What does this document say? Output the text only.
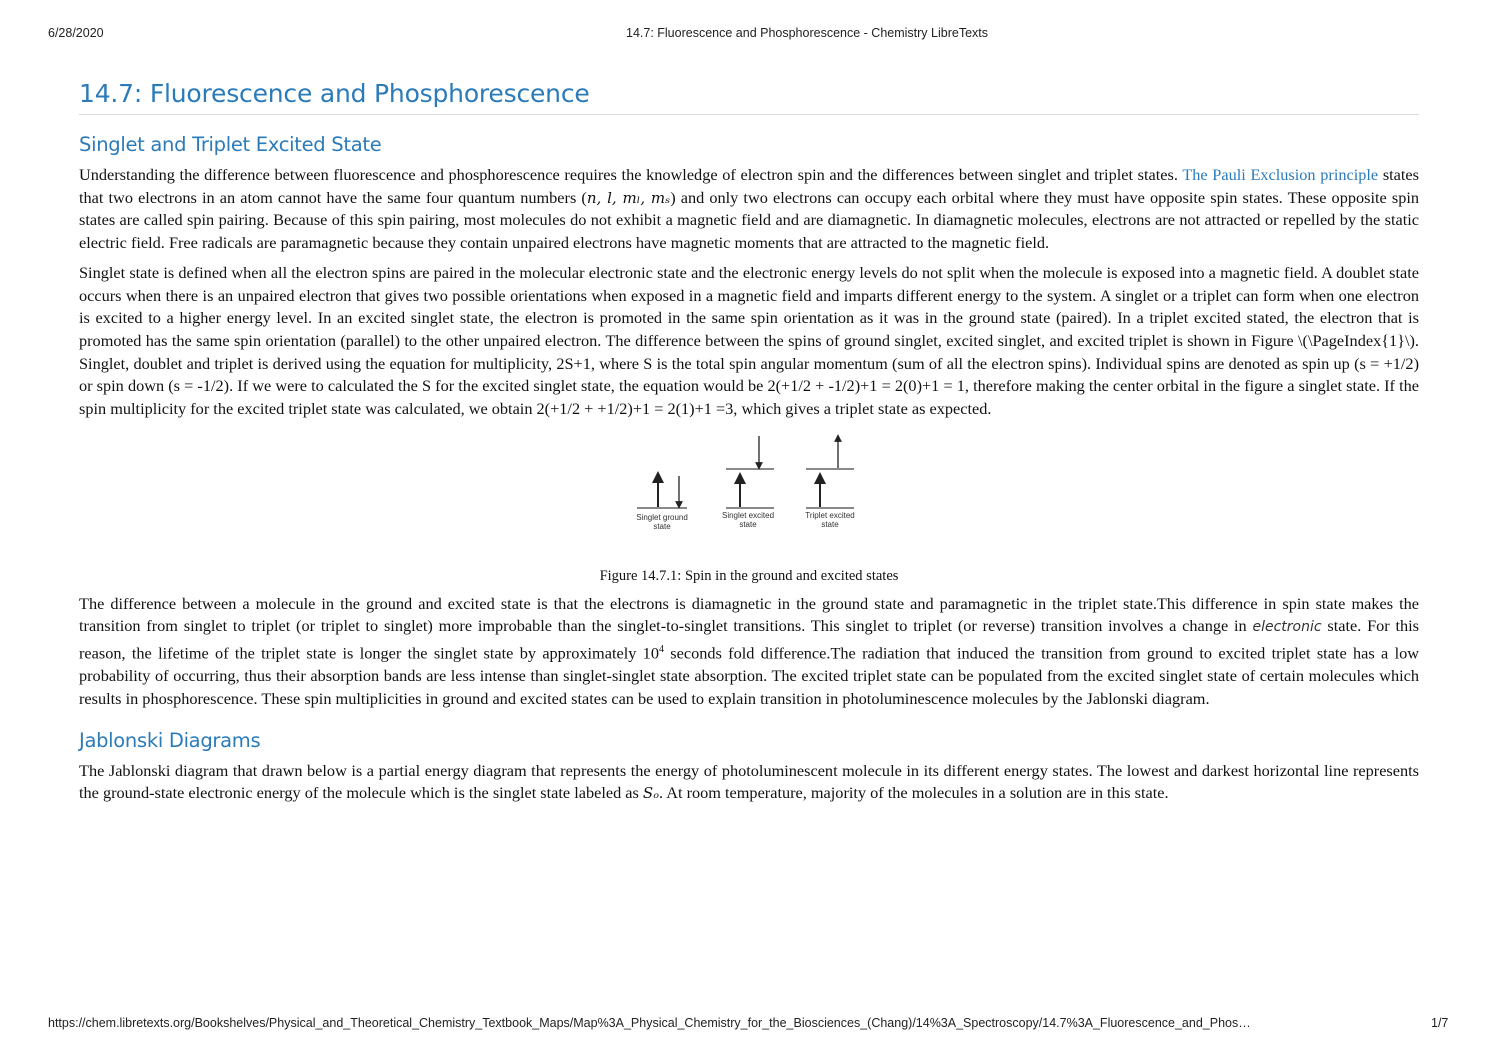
6/28/2020	14.7: Fluorescence and Phosphorescence - Chemistry LibreTexts
14.7: Fluorescence and Phosphorescence
Singlet and Triplet Excited State

Understanding the difference between fluorescence and phosphorescence requires the knowledge of electron spin and the differences between singlet and triplet states. The Pauli Exclusion principle states that two electrons in an atom cannot have the same four quantum numbers (n, l, mₗ, mₛ) and only two electrons can occupy each orbital where they must have opposite spin states. These opposite spin states are called spin pairing. Because of this spin pairing, most molecules do not exhibit a magnetic field and are diamagnetic. In diamagnetic molecules, electrons are not attracted or repelled by the static electric field. Free radicals are paramagnetic because they contain unpaired electrons have magnetic moments that are attracted to the magnetic field.

Singlet state is defined when all the electron spins are paired in the molecular electronic state and the electronic energy levels do not split when the molecule is exposed into a magnetic field. A doublet state occurs when there is an unpaired electron that gives two possible orientations when exposed in a magnetic field and imparts different energy to the system. A singlet or a triplet can form when one electron is excited to a higher energy level. In an excited singlet state, the electron is promoted in the same spin orientation as it was in the ground state (paired). In a triplet excited stated, the electron that is promoted has the same spin orientation (parallel) to the other unpaired electron. The difference between the spins of ground singlet, excited singlet, and excited triplet is shown in Figure \(\PageIndex{1}\). Singlet, doublet and triplet is derived using the equation for multiplicity, 2S+1, where S is the total spin angular momentum (sum of all the electron spins). Individual spins are denoted as spin up (s = +1/2) or spin down (s = -1/2). If we were to calculated the S for the excited singlet state, the equation would be 2(+1/2 + -1/2)+1 = 2(0)+1 = 1, therefore making the center orbital in the figure a singlet state. If the spin multiplicity for the excited triplet state was calculated, we obtain 2(+1/2 + +1/2)+1 = 2(1)+1 =3, which gives a triplet state as expected.

Singlet ground
state
Singlet excited
state
Triplet excited
state

Figure 14.7.1: Spin in the ground and excited states

The difference between a molecule in the ground and excited state is that the electrons is diamagnetic in the ground state and paramagnetic in the triplet state.This difference in spin state makes the transition from singlet to triplet (or triplet to singlet) more improbable than the singlet-to-singlet transitions. This singlet to triplet (or reverse) transition involves a change in electronic state. For this reason, the lifetime of the triplet state is longer the singlet state by approximately $10^4$ seconds fold difference.The radiation that induced the transition from ground to excited triplet state has a low probability of occurring, thus their absorption bands are less intense than singlet-singlet state absorption. The excited triplet state can be populated from the excited singlet state of certain molecules which results in phosphorescence. These spin multiplicities in ground and excited states can be used to explain transition in photoluminescence molecules by the Jablonski diagram.

Jablonski Diagrams

The Jablonski diagram that drawn below is a partial energy diagram that represents the energy of photoluminescent molecule in its different energy states. The lowest and darkest horizontal line represents the ground-state electronic energy of the molecule which is the singlet state labeled as Sₒ. At room temperature, majority of the molecules in a solution are in this state.

https://chem.libretexts.org/Bookshelves/Physical_and_Theoretical_Chemistry_Textbook_Maps/Map%3A_Physical_Chemistry_for_the_Biosciences_(Chang)/14%3A_Spectroscopy/14.7%3A_Fluorescence_and_Phos…	1/7
